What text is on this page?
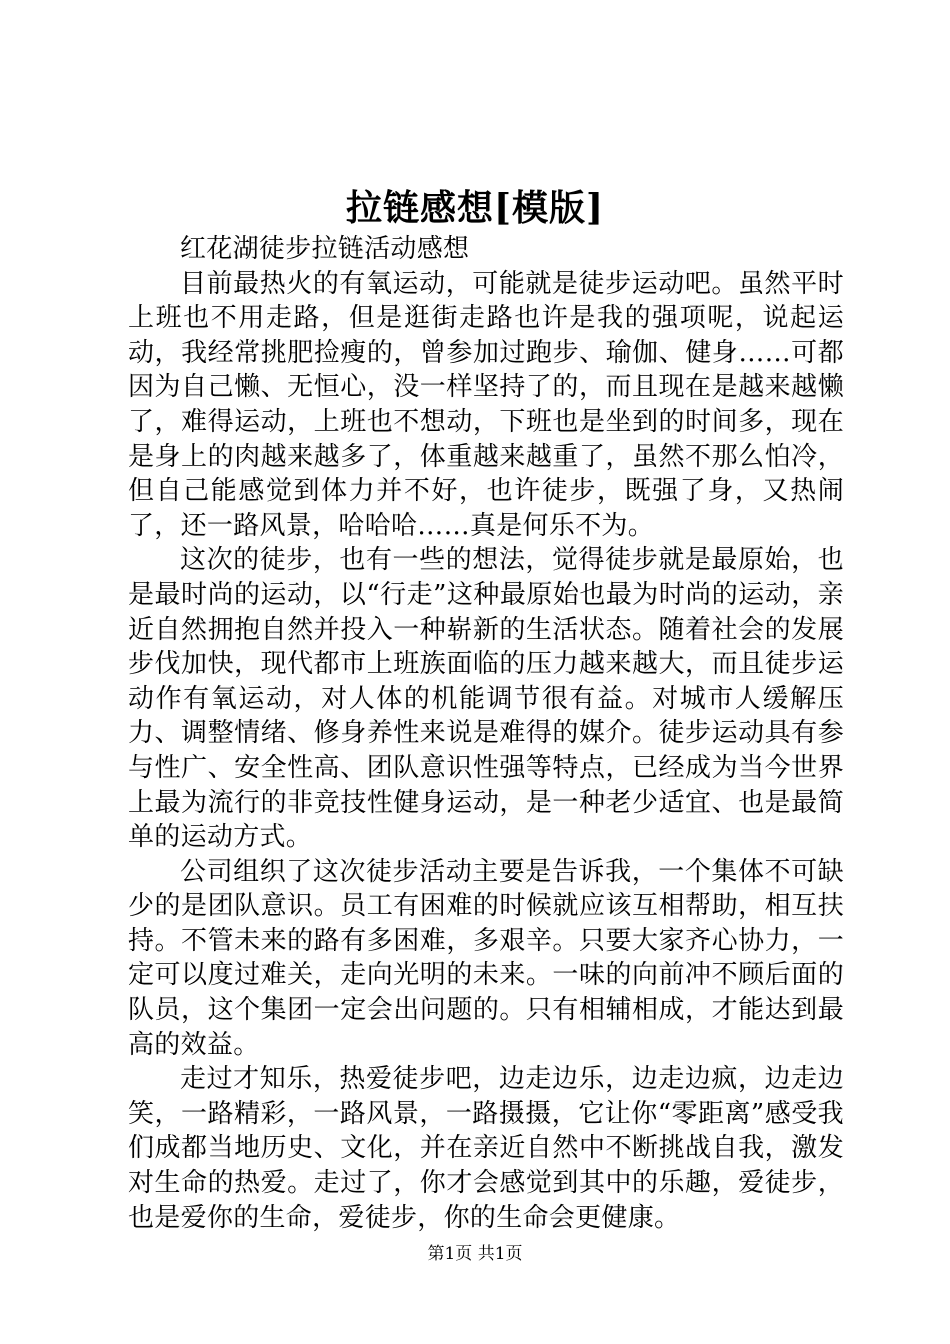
拉链感想[模版]

红花湖徒步拉链活动感想

目前最热火的有氧运动，可能就是徒步运动吧。虽然平时上班也不用走路，但是逛街走路也许是我的强项呢，说起运动，我经常挑肥捡瘦的，曾参加过跑步、瑜伽、健身……可都因为自己懒、无恒心，没一样坚持了的，而且现在是越来越懒了，难得运动，上班也不想动，下班也是坐到的时间多，现在是身上的肉越来越多了，体重越来越重了，虽然不那么怕冷，但自己能感觉到体力并不好，也许徒步，既强了身，又热闹了，还一路风景，哈哈哈……真是何乐不为。

这次的徒步，也有一些的想法，觉得徒步就是最原始，也是最时尚的运动，以“行走”这种最原始也最为时尚的运动，亲近自然拥抱自然并投入一种崭新的生活状态。随着社会的发展步伐加快，现代都市上班族面临的压力越来越大，而且徒步运动作有氧运动，对人体的机能调节很有益。对城市人缓解压力、调整情绪、修身养性来说是难得的媒介。徒步运动具有参与性广、安全性高、团队意识性强等特点，已经成为当今世界上最为流行的非竞技性健身运动，是一种老少适宜、也是最简单的运动方式。

公司组织了这次徒步活动主要是告诉我，一个集体不可缺少的是团队意识。员工有困难的时候就应该互相帮助，相互扶持。不管未来的路有多困难，多艰辛。只要大家齐心协力，一定可以度过难关，走向光明的未来。一味的向前冲不顾后面的队员，这个集团一定会出问题的。只有相辅相成，才能达到最高的效益。

走过才知乐，热爱徒步吧，边走边乐，边走边疯，边走边笑，一路精彩，一路风景，一路摄摄，它让你“零距离”感受我们成都当地历史、文化，并在亲近自然中不断挑战自我，激发对生命的热爱。走过了，你才会感觉到其中的乐趣，爱徒步，也是爱你的生命，爱徒步，你的生命会更健康。

第1页 共1页
